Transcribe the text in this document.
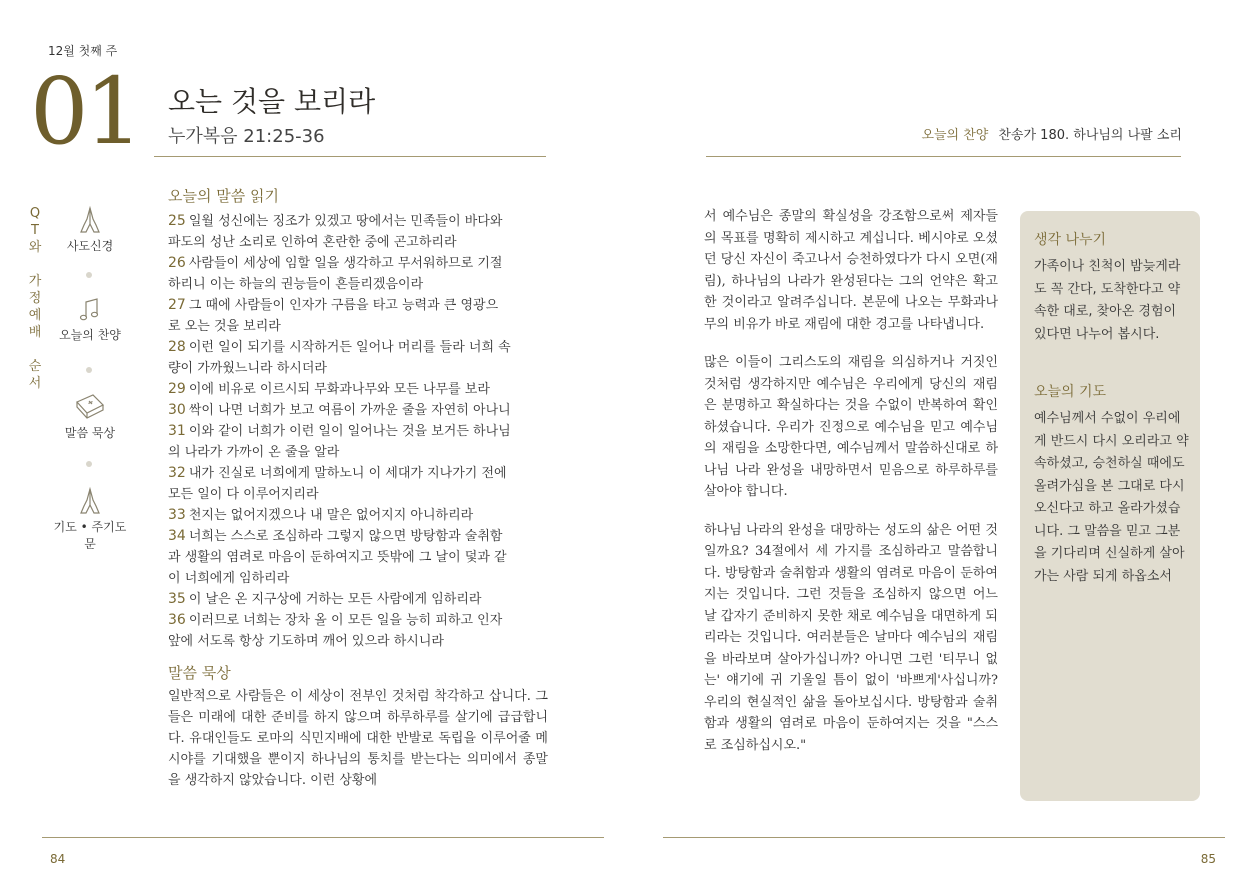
12월 첫째 주
01 오는 것을 보리라
누가복음 21:25-36	오늘의 찬양 찬송가 180. 하나님의 나팔 소리
Q
T
와

가
정
예
배

순
서
사도신경
오늘의 찬양
말씀 묵상
기도 • 주기도문
오늘의 말씀 읽기

25 일월 성신에는 징조가 있겠고 땅에서는 민족들이 바다와

파도의 성난 소리로 인하여 혼란한 중에 곤고하리라

26 사람들이 세상에 임할 일을 생각하고 무서워하므로 기절

하리니 이는 하늘의 권능들이 흔들리겠음이라

27 그 때에 사람들이 인자가 구름을 타고 능력과 큰 영광으

로 오는 것을 보리라

28 이런 일이 되기를 시작하거든 일어나 머리를 들라 너희 속

량이 가까웠느니라 하시더라

29 이에 비유로 이르시되 무화과나무와 모든 나무를 보라

30 싹이 나면 너희가 보고 여름이 가까운 줄을 자연히 아나니

31 이와 같이 너희가 이런 일이 일어나는 것을 보거든 하나님

의 나라가 가까이 온 줄을 알라

32 내가 진실로 너희에게 말하노니 이 세대가 지나가기 전에

모든 일이 다 이루어지리라

33 천지는 없어지겠으나 내 말은 없어지지 아니하리라

34 너희는 스스로 조심하라 그렇지 않으면 방탕함과 술취함

과 생활의 염려로 마음이 둔하여지고 뜻밖에 그 날이 덫과 같

이 너희에게 임하리라

35 이 날은 온 지구상에 거하는 모든 사람에게 임하리라

36 이러므로 너희는 장차 올 이 모든 일을 능히 피하고 인자

앞에 서도록 항상 기도하며 깨어 있으라 하시니라

말씀 묵상

일반적으로 사람들은 이 세상이 전부인 것처럼 착각하고 삽니다. 그들은 미래에 대한 준비를 하지 않으며 하루하루를 살기에 급급합니다. 유대인들도 로마의 식민지배에 대한 반발로 독립을 이루어줄 메시야를 기대했을 뿐이지 하나님의 통치를 받는다는 의미에서 종말을 생각하지 않았습니다. 이런 상황에

서 예수님은 종말의 확실성을 강조함으로써 제자들의 목표를 명확히 제시하고 계십니다. 베시야로 오셨던 당신 자신이 죽고나서 승천하였다가 다시 오면(재림), 하나님의 나라가 완성된다는 그의 언약은 확고한 것이라고 알려주십니다. 본문에 나오는 무화과나무의 비유가 바로 재림에 대한 경고를 나타냅니다.

많은 이들이 그리스도의 재림을 의심하거나 거짓인 것처럼 생각하지만 예수님은 우리에게 당신의 재림은 분명하고 확실하다는 것을 수없이 반복하여 확인하셨습니다. 우리가 진정으로 예수님을 믿고 예수님의 재림을 소망한다면, 예수님께서 말씀하신대로 하나님 나라 완성을 내망하면서 믿음으로 하루하루를 살아야 합니다.

하나님 나라의 완성을 대망하는 성도의 삶은 어떤 것일까요? 34절에서 세 가지를 조심하라고 말씀합니다. 방탕함과 술취함과 생활의 염려로 마음이 둔하여지는 것입니다. 그런 것들을 조심하지 않으면 어느 날 갑자기 준비하지 못한 채로 예수님을 대면하게 되리라는 것입니다. 여러분들은 날마다 예수님의 재림을 바라보며 살아가십니까? 아니면 그런 '티무니 없는' 얘기에 귀 기울일 틈이 없이 '바쁘게'사십니까? 우리의 현실적인 삶을 돌아보십시다. 방탕함과 술취함과 생활의 염려로 마음이 둔하여지는 것을 "스스로 조심하십시오."

생각 나누기

가족이나 친척이 밤늦게라도 꼭 간다, 도착한다고 약속한 대로, 찾아온 경험이 있다면 나누어 봅시다.

오늘의 기도

예수님께서 수없이 우리에게 반드시 다시 오리라고 약속하셨고, 승천하실 때에도 올려가심을 본 그대로 다시 오신다고 하고 올라가셨습니다. 그 말씀을 믿고 그분을 기다리며 신실하게 살아가는 사람 되게 하옵소서

84	85
